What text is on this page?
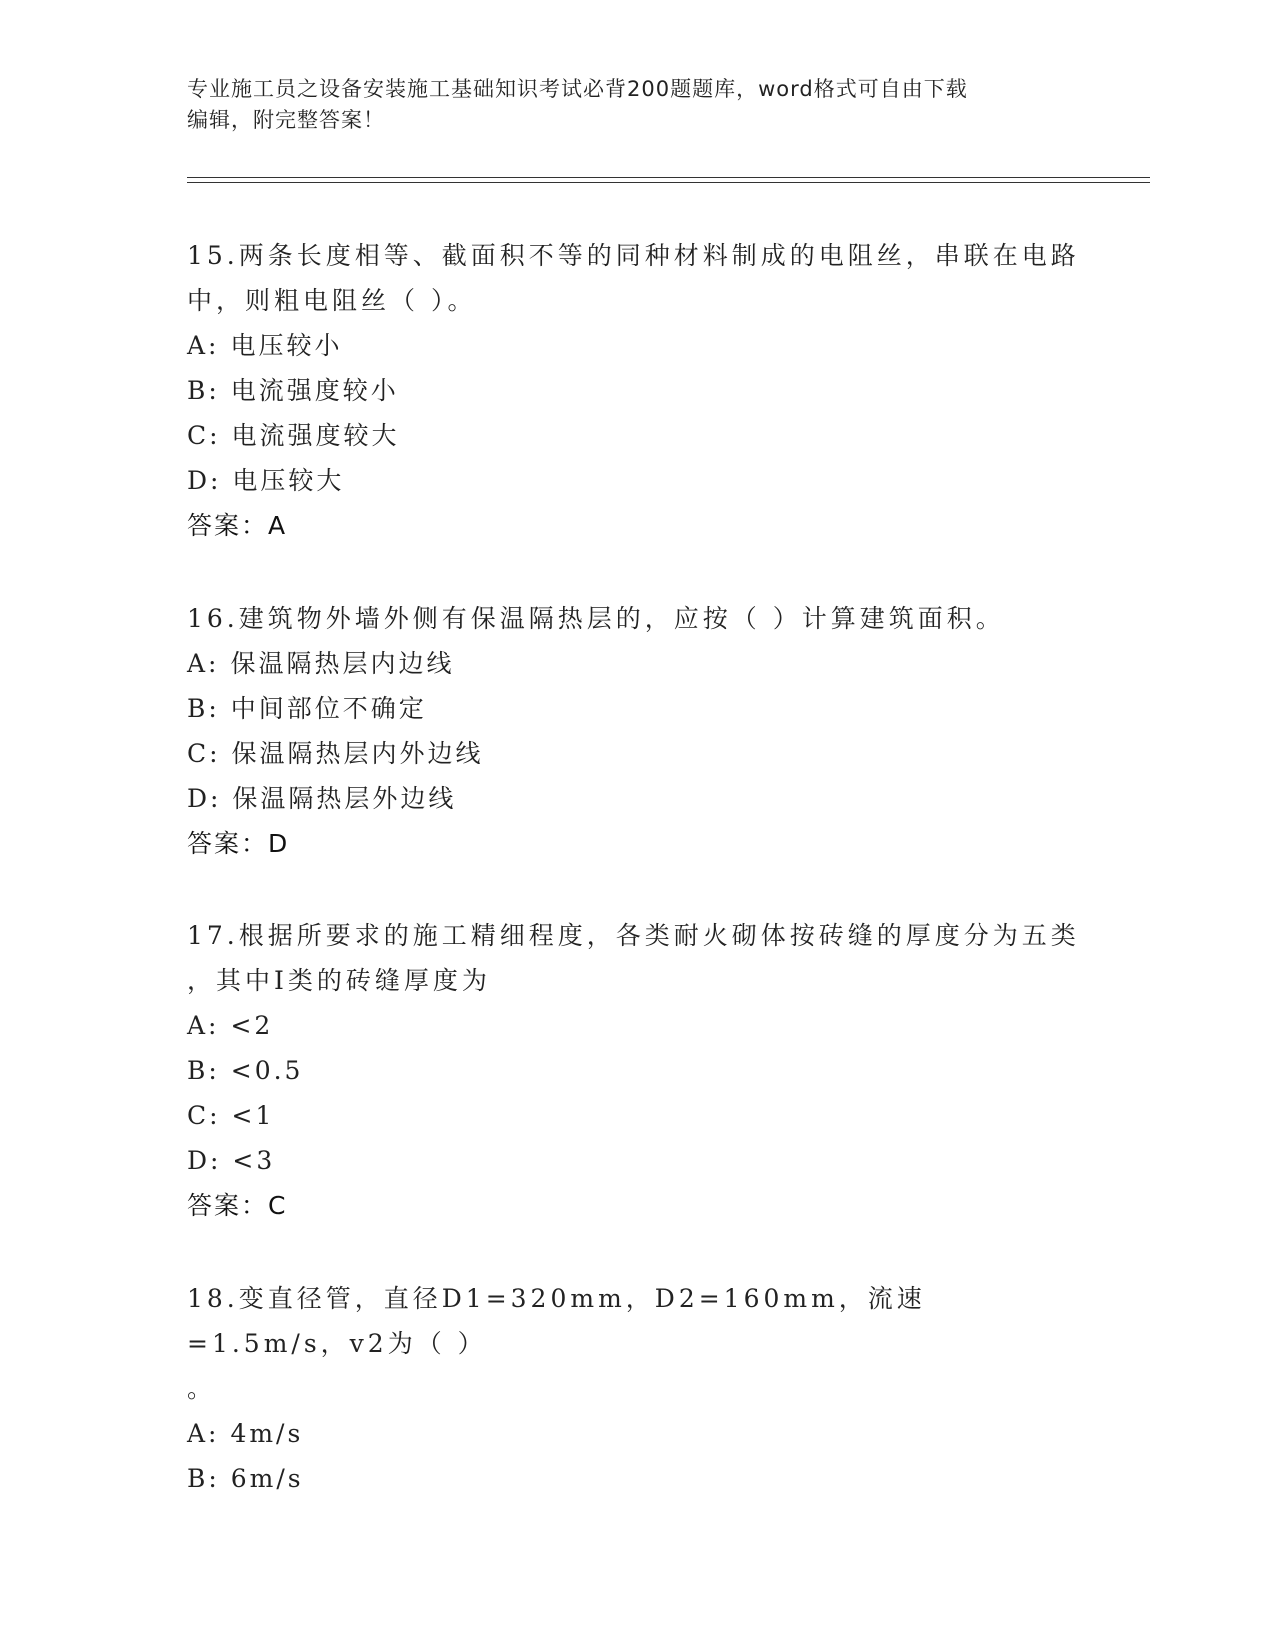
专业施工员之设备安装施工基础知识考试必背200题题库，word格式可自由下载
编辑，附完整答案！
15.两条长度相等、截面积不等的同种材料制成的电阻丝，串联在电路
中，则粗电阻丝（ ）。
A: 电压较小
B: 电流强度较小
C: 电流强度较大
D: 电压较大
答案：A
16.建筑物外墙外侧有保温隔热层的，应按（ ）计算建筑面积。
A: 保温隔热层内边线
B: 中间部位不确定
C: 保温隔热层内外边线
D: 保温隔热层外边线
答案：D
17.根据所要求的施工精细程度，各类耐火砌体按砖缝的厚度分为五类
，其中I类的砖缝厚度为
A: <2
B: <0.5
C: <1
D: <3
答案：C
18.变直径管，直径D1=320mm，D2=160mm，流速=1.5m/s，v2为（ ）
。
A: 4m/s
B: 6m/s
